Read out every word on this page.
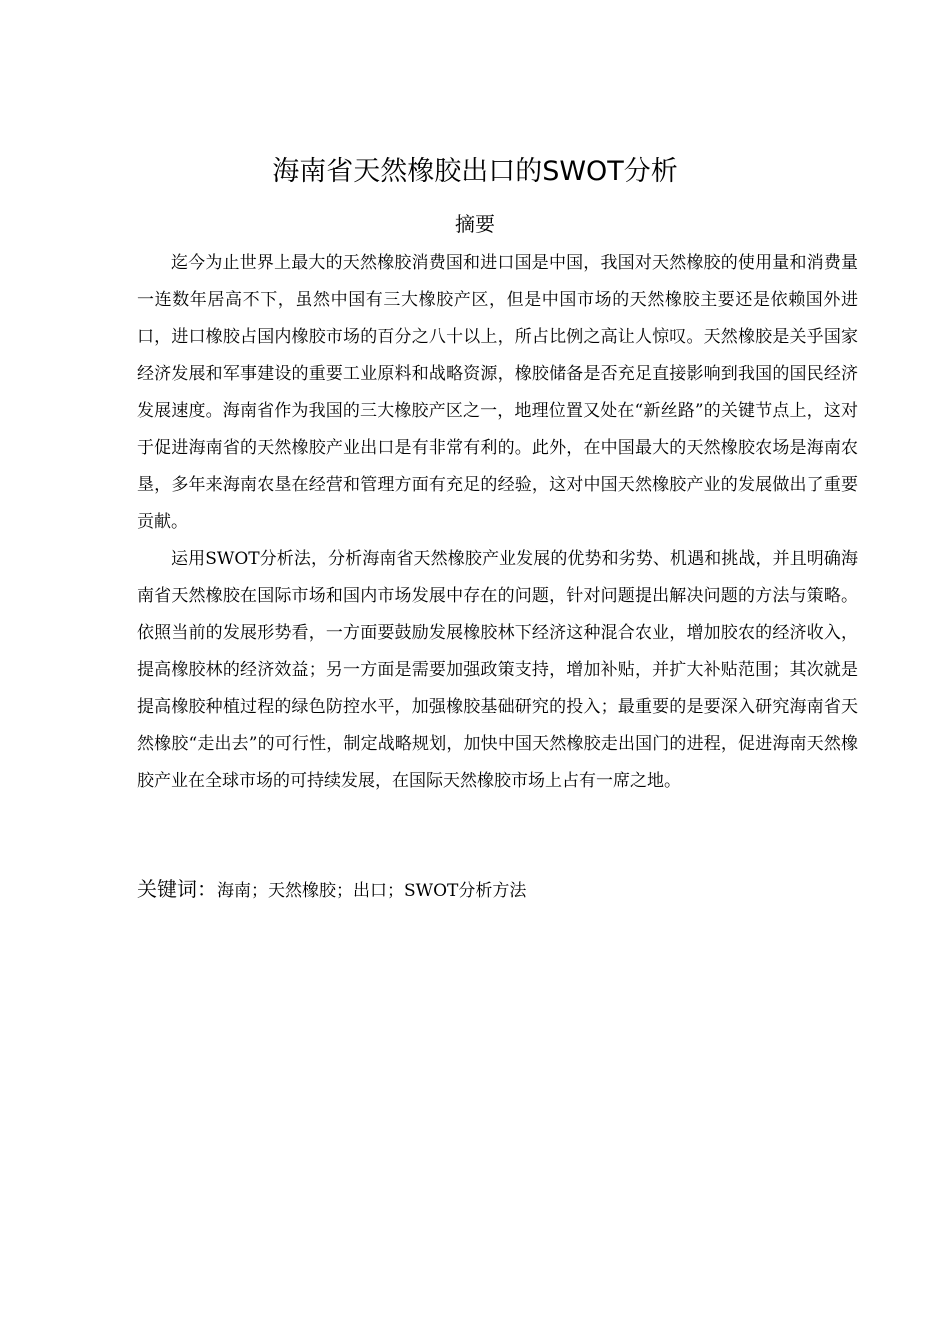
海南省天然橡胶出口的SWOT分析
摘要

迄今为止世界上最大的天然橡胶消费国和进口国是中国，我国对天然橡胶的使用量和消费量一连数年居高不下，虽然中国有三大橡胶产区，但是中国市场的天然橡胶主要还是依赖国外进口，进口橡胶占国内橡胶市场的百分之八十以上，所占比例之高让人惊叹。天然橡胶是关乎国家经济发展和军事建设的重要工业原料和战略资源，橡胶储备是否充足直接影响到我国的国民经济发展速度。海南省作为我国的三大橡胶产区之一，地理位置又处在“新丝路”的关键节点上，这对于促进海南省的天然橡胶产业出口是有非常有利的。此外，在中国最大的天然橡胶农场是海南农垦，多年来海南农垦在经营和管理方面有充足的经验，这对中国天然橡胶产业的发展做出了重要贡献。

运用SWOT分析法，分析海南省天然橡胶产业发展的优势和劣势、机遇和挑战，并且明确海南省天然橡胶在国际市场和国内市场发展中存在的问题，针对问题提出解决问题的方法与策略。依照当前的发展形势看，一方面要鼓励发展橡胶林下经济这种混合农业，增加胶农的经济收入，提高橡胶林的经济效益；另一方面是需要加强政策支持，增加补贴，并扩大补贴范围；其次就是提高橡胶种植过程的绿色防控水平，加强橡胶基础研究的投入；最重要的是要深入研究海南省天然橡胶“走出去”的可行性，制定战略规划，加快中国天然橡胶走出国门的进程，促进海南天然橡胶产业在全球市场的可持续发展，在国际天然橡胶市场上占有一席之地。

关键词：海南；天然橡胶；出口；SWOT分析方法
